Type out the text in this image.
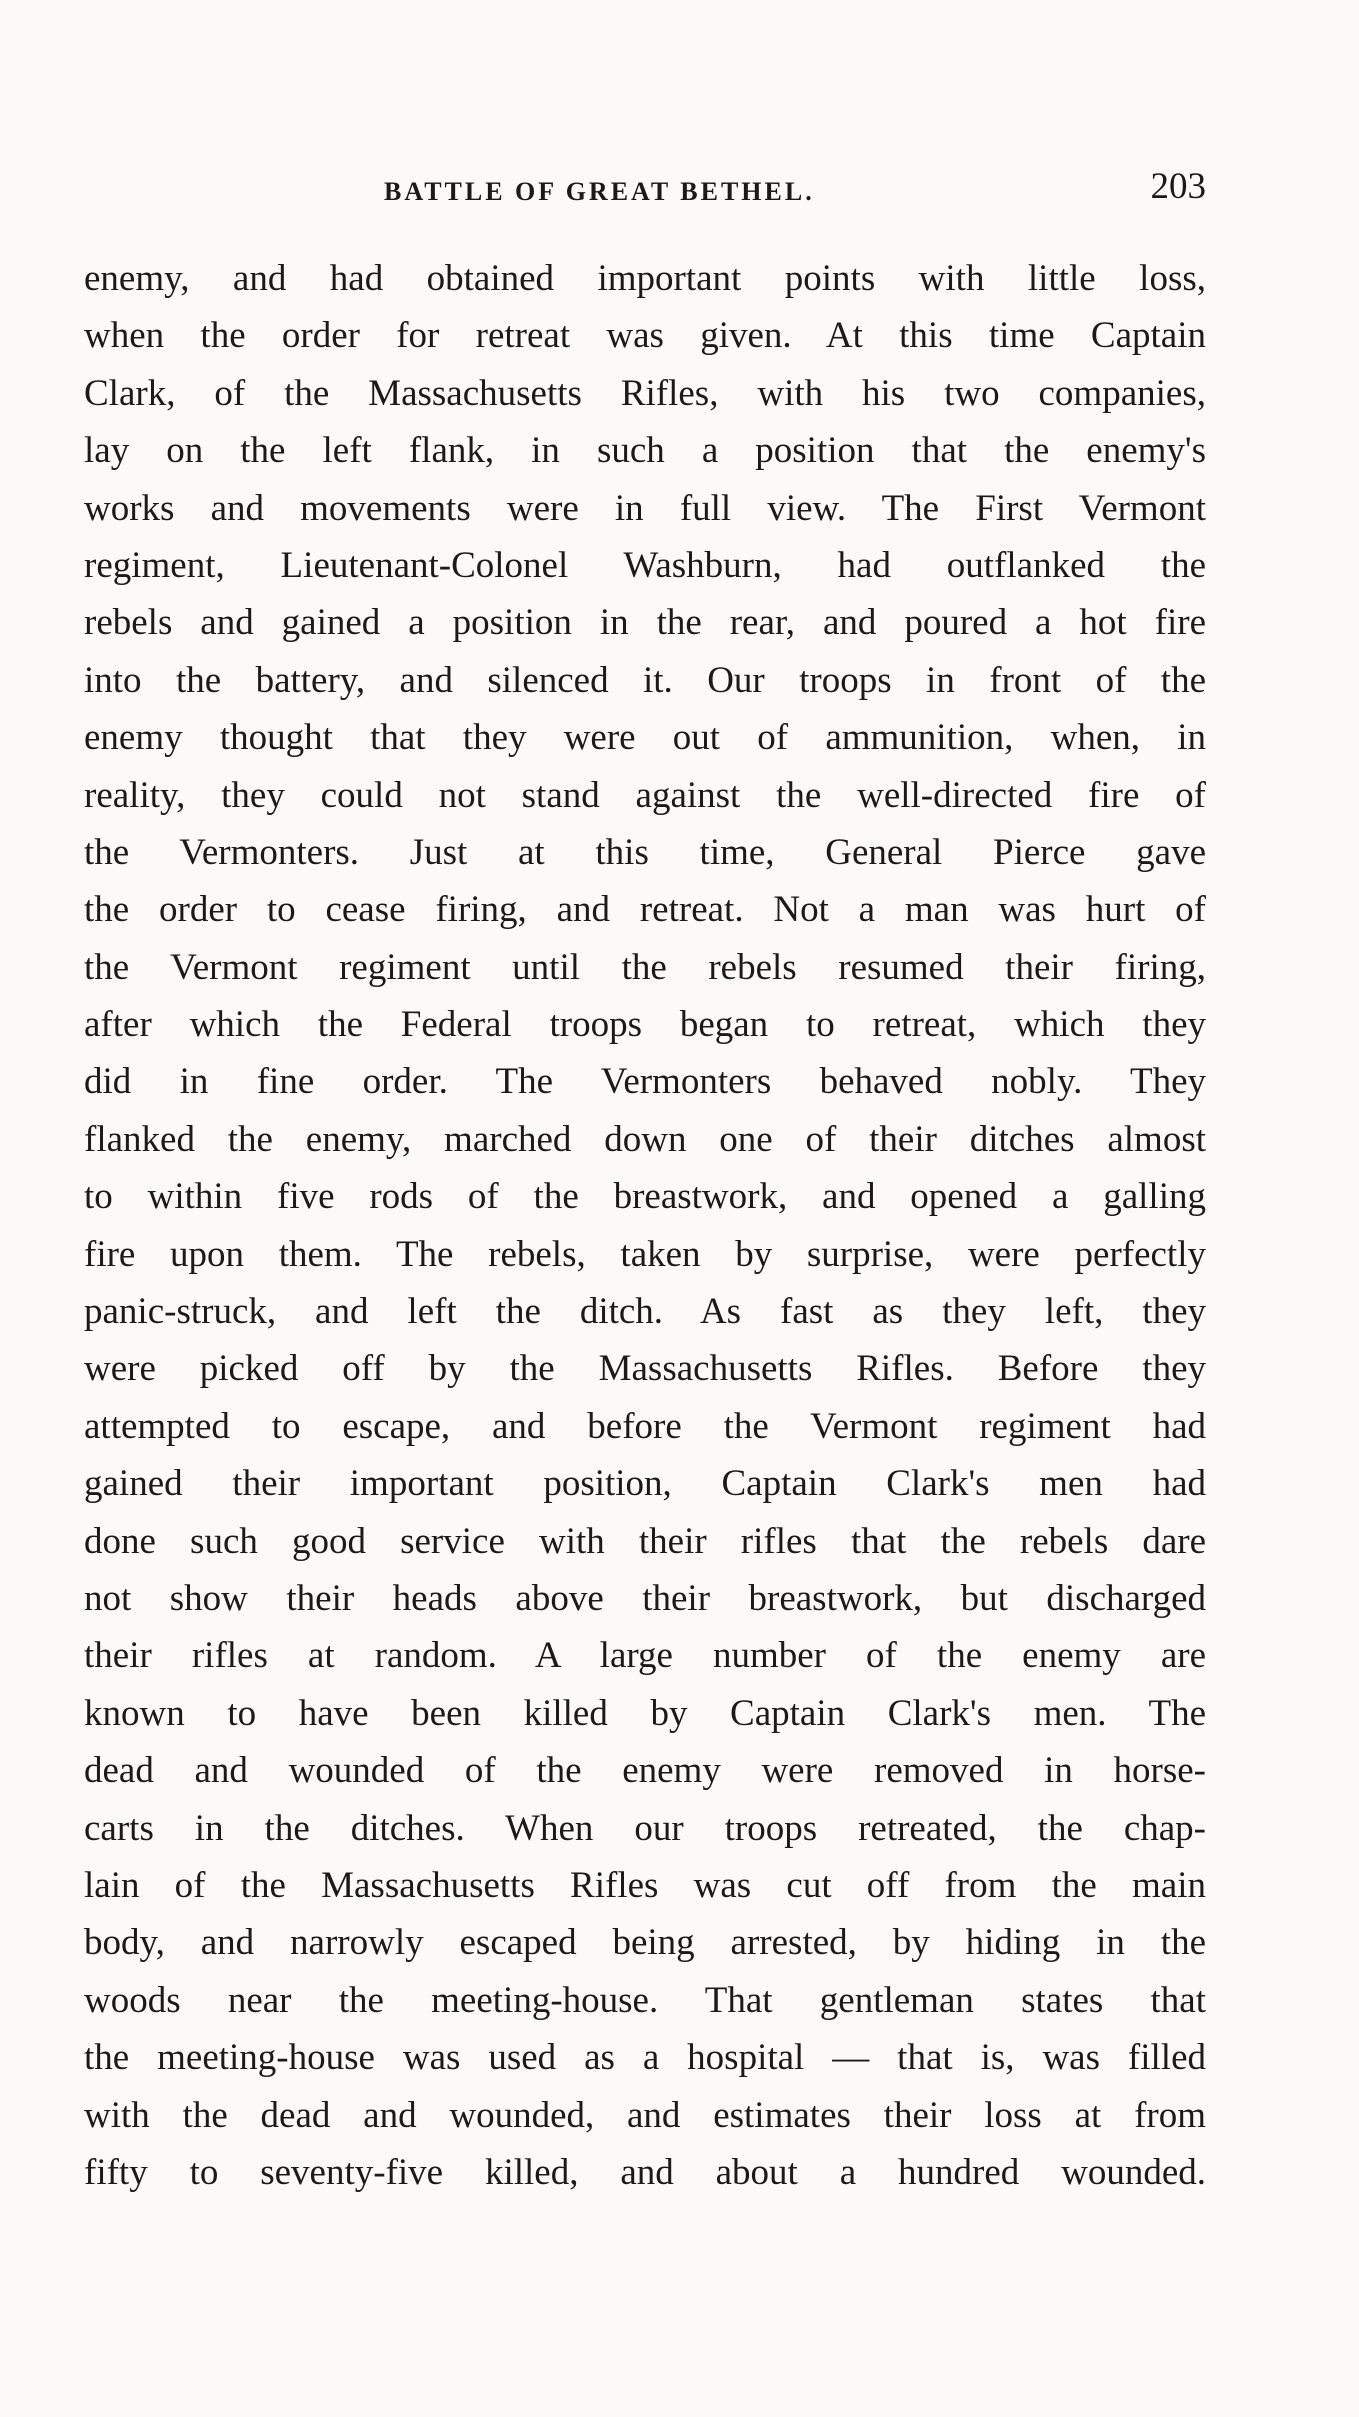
BATTLE OF GREAT BETHEL.	203
enemy, and had obtained important points with little loss,
when the order for retreat was given. At this time Captain
Clark, of the Massachusetts Rifles, with his two companies,
lay on the left flank, in such a position that the enemy's
works and movements were in full view. The First Vermont
regiment, Lieutenant-Colonel Washburn, had outflanked the
rebels and gained a position in the rear, and poured a hot fire
into the battery, and silenced it. Our troops in front of the
enemy thought that they were out of ammunition, when, in
reality, they could not stand against the well-directed fire of
the Vermonters. Just at this time, General Pierce gave
the order to cease firing, and retreat. Not a man was hurt of
the Vermont regiment until the rebels resumed their firing,
after which the Federal troops began to retreat, which they
did in fine order. The Vermonters behaved nobly. They
flanked the enemy, marched down one of their ditches almost
to within five rods of the breastwork, and opened a galling
fire upon them. The rebels, taken by surprise, were perfectly
panic-struck, and left the ditch. As fast as they left, they
were picked off by the Massachusetts Rifles. Before they
attempted to escape, and before the Vermont regiment had
gained their important position, Captain Clark's men had
done such good service with their rifles that the rebels dare
not show their heads above their breastwork, but discharged
their rifles at random. A large number of the enemy are
known to have been killed by Captain Clark's men. The
dead and wounded of the enemy were removed in horse-
carts in the ditches. When our troops retreated, the chap-
lain of the Massachusetts Rifles was cut off from the main
body, and narrowly escaped being arrested, by hiding in the
woods near the meeting-house. That gentleman states that
the meeting-house was used as a hospital — that is, was filled
with the dead and wounded, and estimates their loss at from
fifty to seventy-five killed, and about a hundred wounded.
